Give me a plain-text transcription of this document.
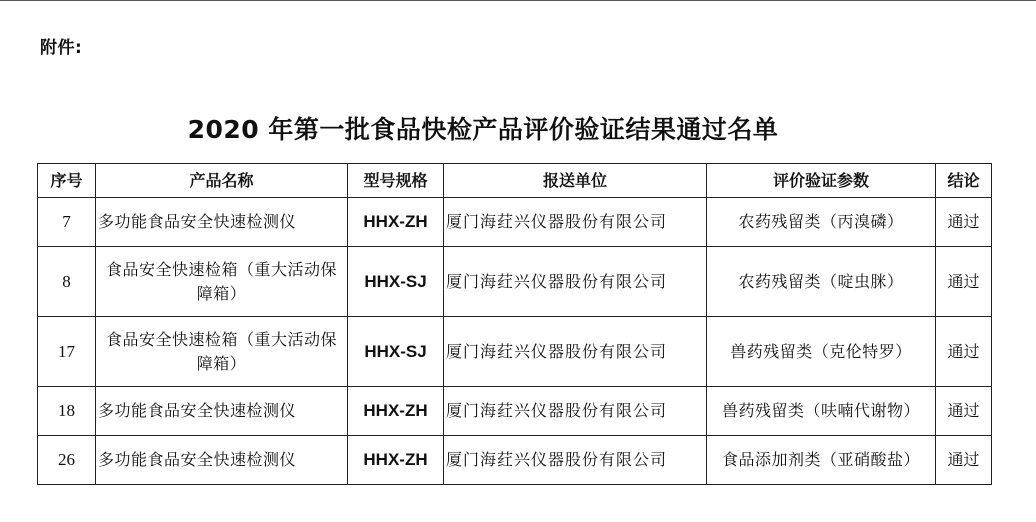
附件:
2020 年第一批食品快检产品评价验证结果通过名单
序号	产品名称	型号规格	报送单位	评价验证参数	结论
7	多功能食品安全快速检测仪	HHX-ZH	厦门海荭兴仪器股份有限公司	农药残留类（丙溴磷）	通过
8	食品安全快速检箱（重大活动保障箱）	HHX-SJ	厦门海荭兴仪器股份有限公司	农药残留类（啶虫脒）	通过
17	食品安全快速检箱（重大活动保障箱）	HHX-SJ	厦门海荭兴仪器股份有限公司	兽药残留类（克伦特罗）	通过
18	多功能食品安全快速检测仪	HHX-ZH	厦门海荭兴仪器股份有限公司	兽药残留类（呋喃代谢物）	通过
26	多功能食品安全快速检测仪	HHX-ZH	厦门海荭兴仪器股份有限公司	食品添加剂类（亚硝酸盐）	通过
